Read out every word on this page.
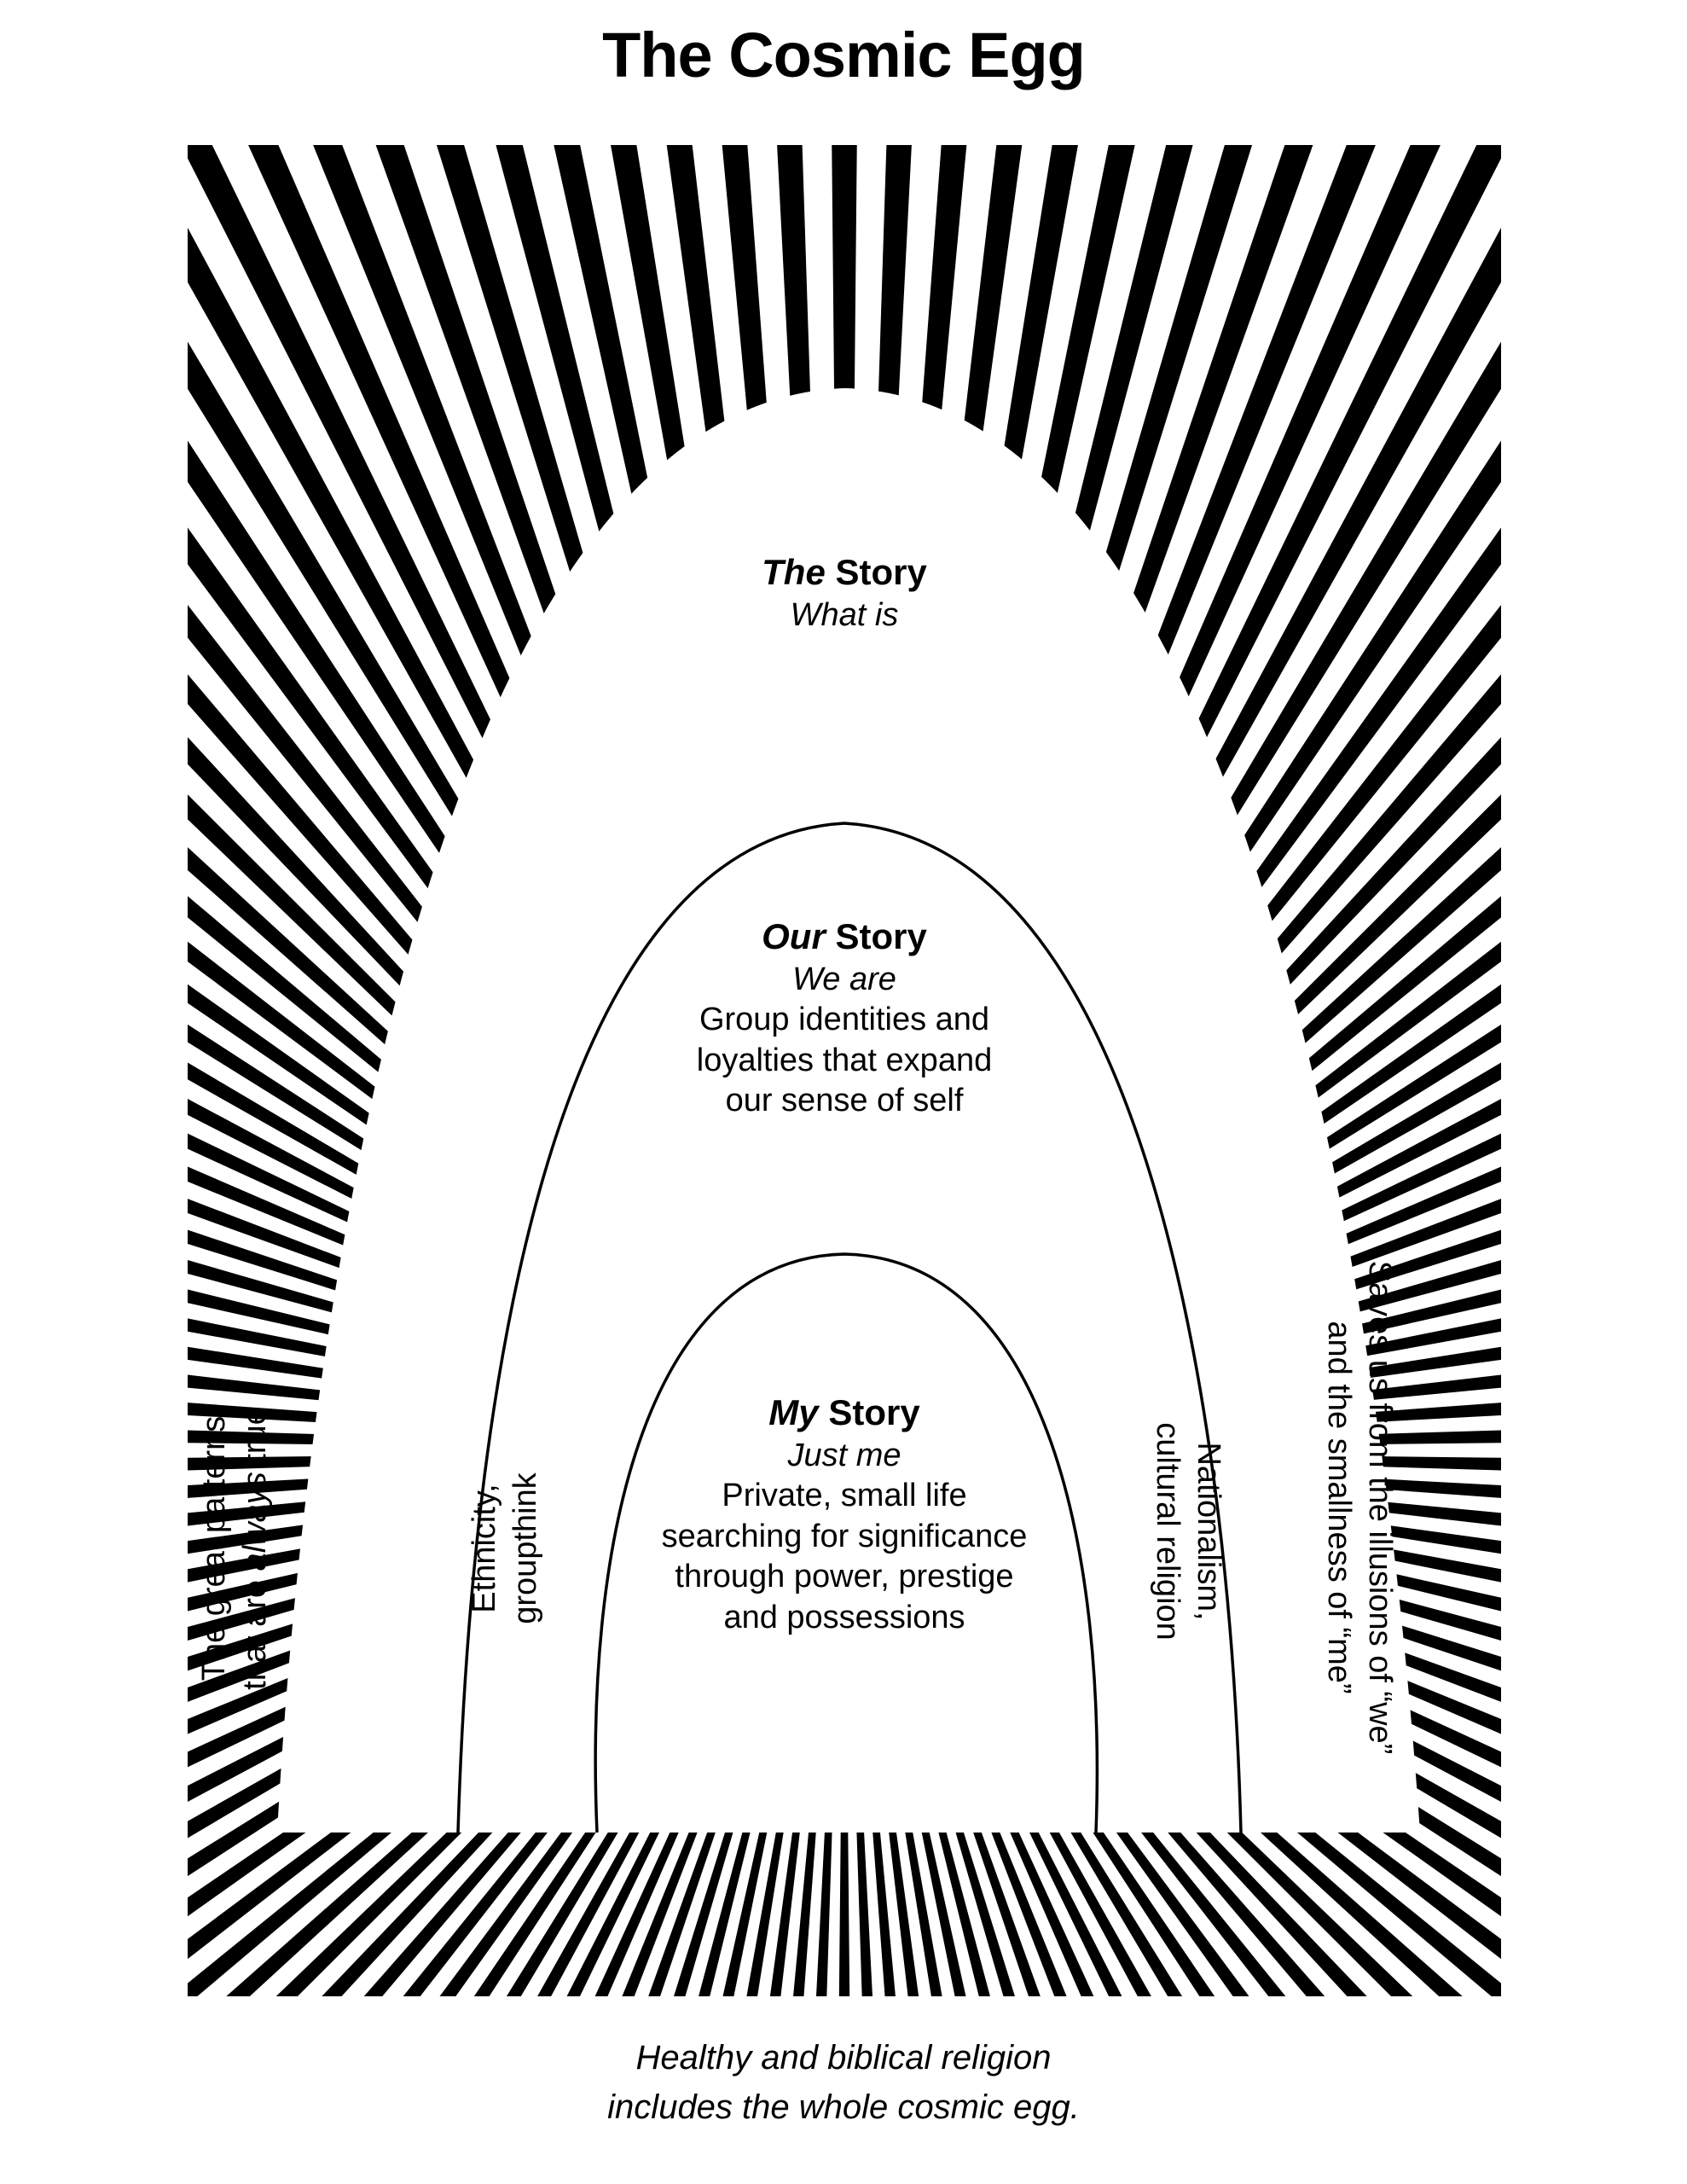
The Cosmic Egg
The Story
What is
Our Story
We are
Group identities and
loyalties that expand
our sense of self
My Story
Just me
Private, small life
searching for significance
through power, prestige
and possessions
The great patterns that are always true
Ethnicity, groupthink	Nationalism,
cultural religion	Saves us from the illusions of “we”
and the smallness of “me”
Healthy and biblical religion
includes the whole cosmic egg.
